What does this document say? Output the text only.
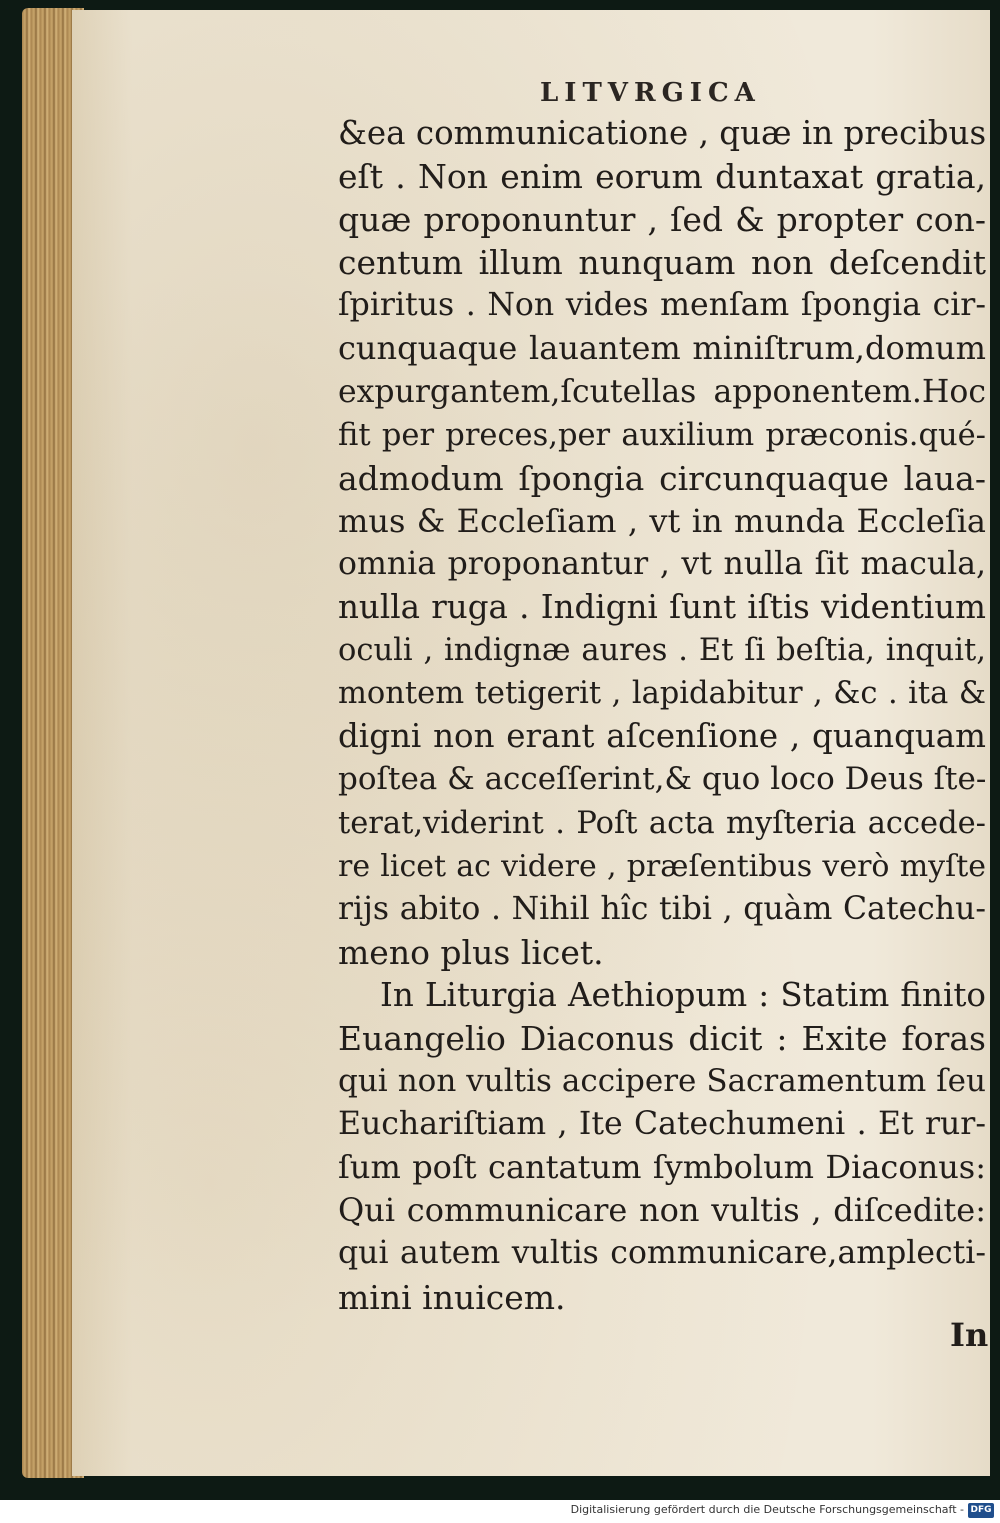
LITVRGICA
&ea communicatione , quæ in precibus
eſt . Non enim eorum duntaxat gratia,
quæ proponuntur , ſed & propter con-
centum illum nunquam non deſcendit
ſpiritus . Non vides menſam ſpongia cir-
cunquaque lauantem miniſtrum,domum
expurgantem,ſcutellas apponentem.Hoc
fit per preces,per auxilium præconis.qué-
admodum ſpongia circunquaque laua-
mus & Eccleſiam , vt in munda Eccleſia
omnia proponantur , vt nulla ſit macula,
nulla ruga . Indigni ſunt iſtis videntium
oculi , indignæ aures . Et ſi beſtia, inquit,
montem tetigerit , lapidabitur , &c . ita &
digni non erant aſcenſione , quanquam
poſtea & acceſſerint,& quo loco Deus ſte-
terat,viderint . Poſt acta myſteria accede-
re licet ac videre , præſentibus verò myſte
rijs abito . Nihil hîc tibi , quàm Catechu-
meno plus licet.
In Liturgia Aethiopum : Statim finito
Euangelio Diaconus dicit : Exite foras
qui non vultis accipere Sacramentum ſeu
Euchariſtiam , Ite Catechumeni . Et rur-
ſum poſt cantatum ſymbolum Diaconus:
Qui communicare non vultis , diſcedite:
qui autem vultis communicare,amplecti-
mini inuicem.
In
Digitalisierung gefördert durch die Deutsche Forschungsgemeinschaft - DFG
